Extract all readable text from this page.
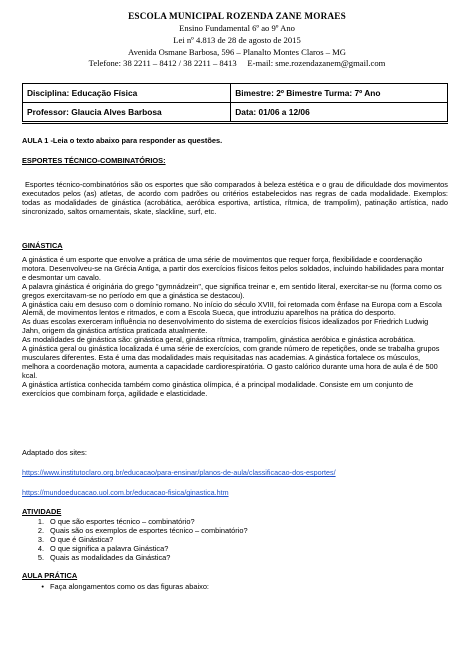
ESCOLA MUNICIPAL ROZENDA ZANE MORAES
Ensino Fundamental 6º ao 9º Ano
Lei nº 4.813 de 28 de agosto de 2015
Avenida Osmane Barbosa, 596 – Planalto Montes Claros – MG
Telefone: 38 2211 – 8412 / 38 2211 – 8413     E-mail: sme.rozendazanem@gmail.com
Disciplina: Educação Física	Bimestre: 2º Bimestre Turma: 7º Ano
Professor: Glaucia Alves Barbosa	Data: 01/06 a 12/06
AULA 1 -Leia o texto abaixo para responder as questões.
ESPORTES TÉCNICO-COMBINATÓRIOS:
Esportes técnico-combinatórios são os esportes que são comparados à beleza estética e o grau de dificuldade dos movimentos executados pelos (as) atletas, de acordo com padrões ou critérios estabelecidos nas regras de cada modalidade. Exemplos: todas as modalidades de ginástica (acrobática, aeróbica esportiva, artística, rítmica, de trampolim), patinação artística, nado sincronizado, saltos ornamentais, skate, slackline, surf, etc.
GINÁSTICA
A ginástica é um esporte que envolve a prática de uma série de movimentos que requer força, flexibilidade e coordenação motora. Desenvolveu-se na Grécia Antiga, a partir dos exercícios físicos feitos pelos soldados, incluindo habilidades para montar e desmontar um cavalo.
A palavra ginástica é originária do grego "gymnádzein", que significa treinar e, em sentido literal, exercitar-se nu (forma como os gregos exercitavam-se no período em que a ginástica se destacou).
A ginástica caiu em desuso com o domínio romano. No início do século XVIII, foi retomada com ênfase na Europa com a Escola Alemã, de movimentos lentos e ritmados, e com a Escola Sueca, que introduziu aparelhos na prática do desporto.
As duas escolas exerceram influência no desenvolvimento do sistema de exercícios físicos idealizados por Friedrich Ludwig Jahn, origem da ginástica artística praticada atualmente.
As modalidades de ginástica são: ginástica geral, ginástica rítmica, trampolim, ginástica aeróbica e ginástica acrobática.
A ginástica geral ou ginástica localizada é uma série de exercícios, com grande número de repetições, onde se trabalha grupos musculares diferentes. Esta é uma das modalidades mais requisitadas nas academias. A ginástica fortalece os músculos, melhora a coordenação motora, aumenta a capacidade cardiorespiratória. O gasto calórico durante uma hora de aula é de 500 kcal.
A ginástica artística conhecida também como ginástica olímpica, é a principal modalidade. Consiste em um conjunto de exercícios que combinam força, agilidade e elasticidade.
Adaptado dos sites:
https://www.institutoclaro.org.br/educacao/para-ensinar/planos-de-aula/classificacao-dos-esportes/
https://mundoeducacao.uol.com.br/educacao-fisica/ginastica.htm
ATIVIDADE
1. O que são esportes técnico – combinatório?
2. Quais são os exemplos de esportes técnico – combinatório?
3. O que é Ginástica?
4. O que significa a palavra Ginástica?
5. Quais as modalidades da Ginástica?
AULA PRÁTICA
• Faça alongamentos como os das figuras abaixo:
